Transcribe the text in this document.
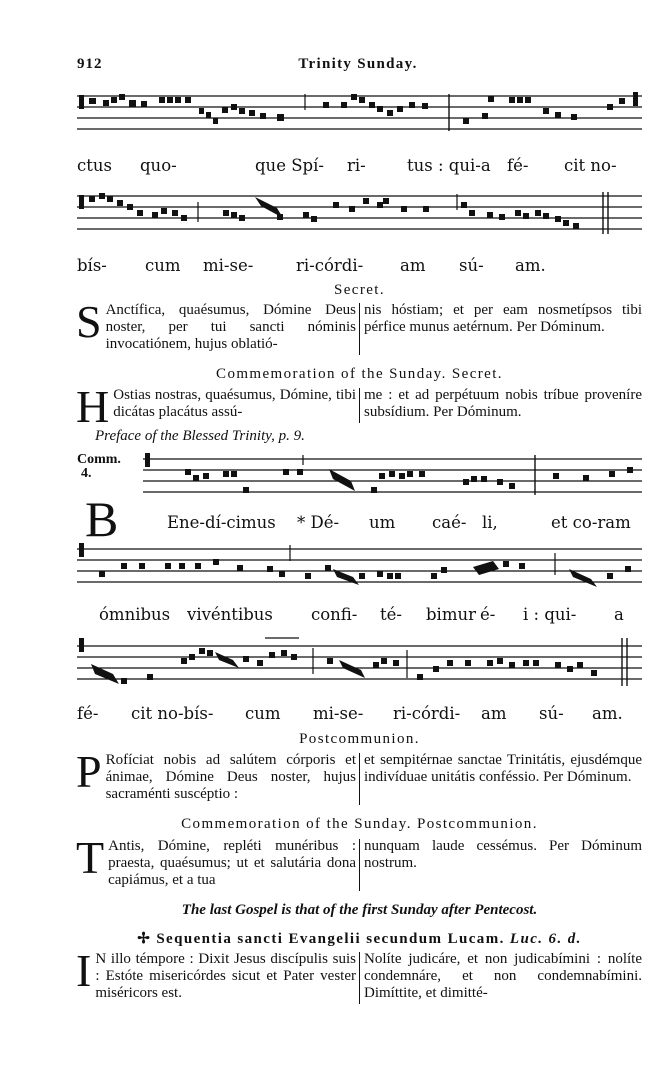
912	Trinity Sunday.
ctus quo-	que Spí- ri-	tus : qui-a fé- cit no-
bís- cum mi-se-	ri-córdi- am sú- am.
Secret.
S Anctífica, quaésumus, Dómine Deus noster, per tui sancti nóminis invocatiónem, hujus oblatió-

nis hóstiam; et per eam nosmetípsos tibi pérfice munus aetérnum. Per Dóminum.

Commemoration of the Sunday. Secret.
H Ostias nostras, quaésumus, Dómine, tibi dicátas placátus assú-

me : et ad perpétuum nobis tríbue proveníre subsídium. Per Dóminum.

Preface of the Blessed Trinity, p. 9.
Comm.
4.
B	Ene-dí-cimus * Dé- um caé- li,	et co-ram
ómnibus vivéntibus confi- té- bimur é- i : qui- a
fé- cit no-bís- cum mi-se- ri-córdi- am sú- am.
Postcommunion.
P Rofíciat nobis ad salútem córporis et ánimae, Dómine Deus noster, hujus sacraménti suscéptio :

et sempitérnae sanctae Trinitátis, ejusdémque indivíduae unitátis conféssio. Per Dóminum.

Commemoration of the Sunday. Postcommunion.
T Antis, Dómine, repléti munéribus : praesta, quaésumus; ut et salutária dona capiámus, et a tua

nunquam laude cessémus. Per Dóminum nostrum.

The last Gospel is that of the first Sunday after Pentecost.
✢ Sequentia sancti Evangelii secundum Lucam. Luc. 6. d.
I N illo témpore : Dixit Jesus discípulis suis : Estóte misericórdes sicut et Pater vester miséricors est.

Nolíte judicáre, et non judicabímini : nolíte condemnáre, et non condemnabímini. Dimíttite, et dimitté-
